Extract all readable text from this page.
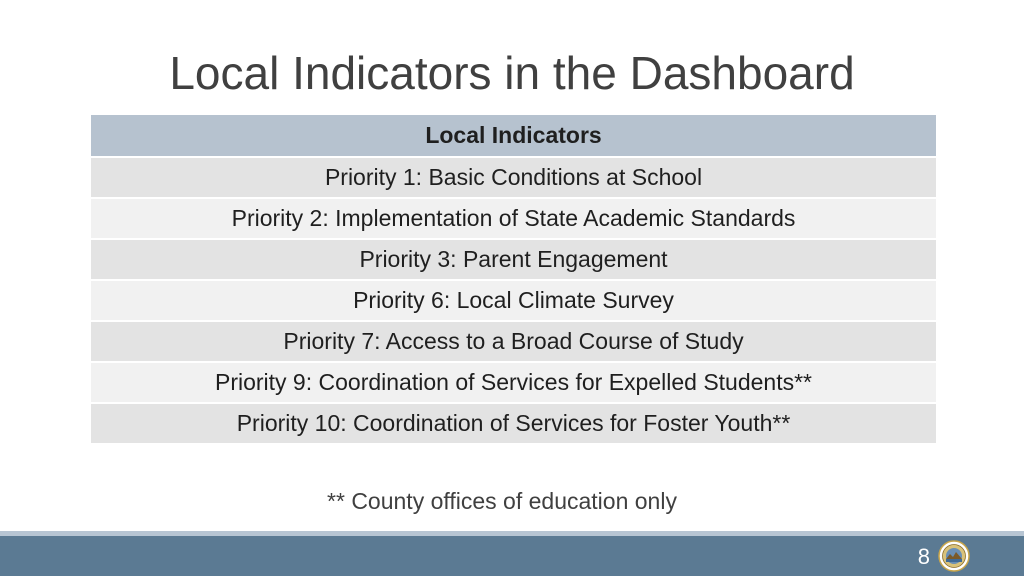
Local Indicators in the Dashboard
Local Indicators
Priority 1: Basic Conditions at School
Priority 2: Implementation of State Academic Standards
Priority 3: Parent Engagement
Priority 6: Local Climate Survey
Priority 7: Access to a Broad Course of Study
Priority 9: Coordination of Services for Expelled Students**
Priority 10: Coordination of Services for Foster Youth**
** County offices of education only
8
